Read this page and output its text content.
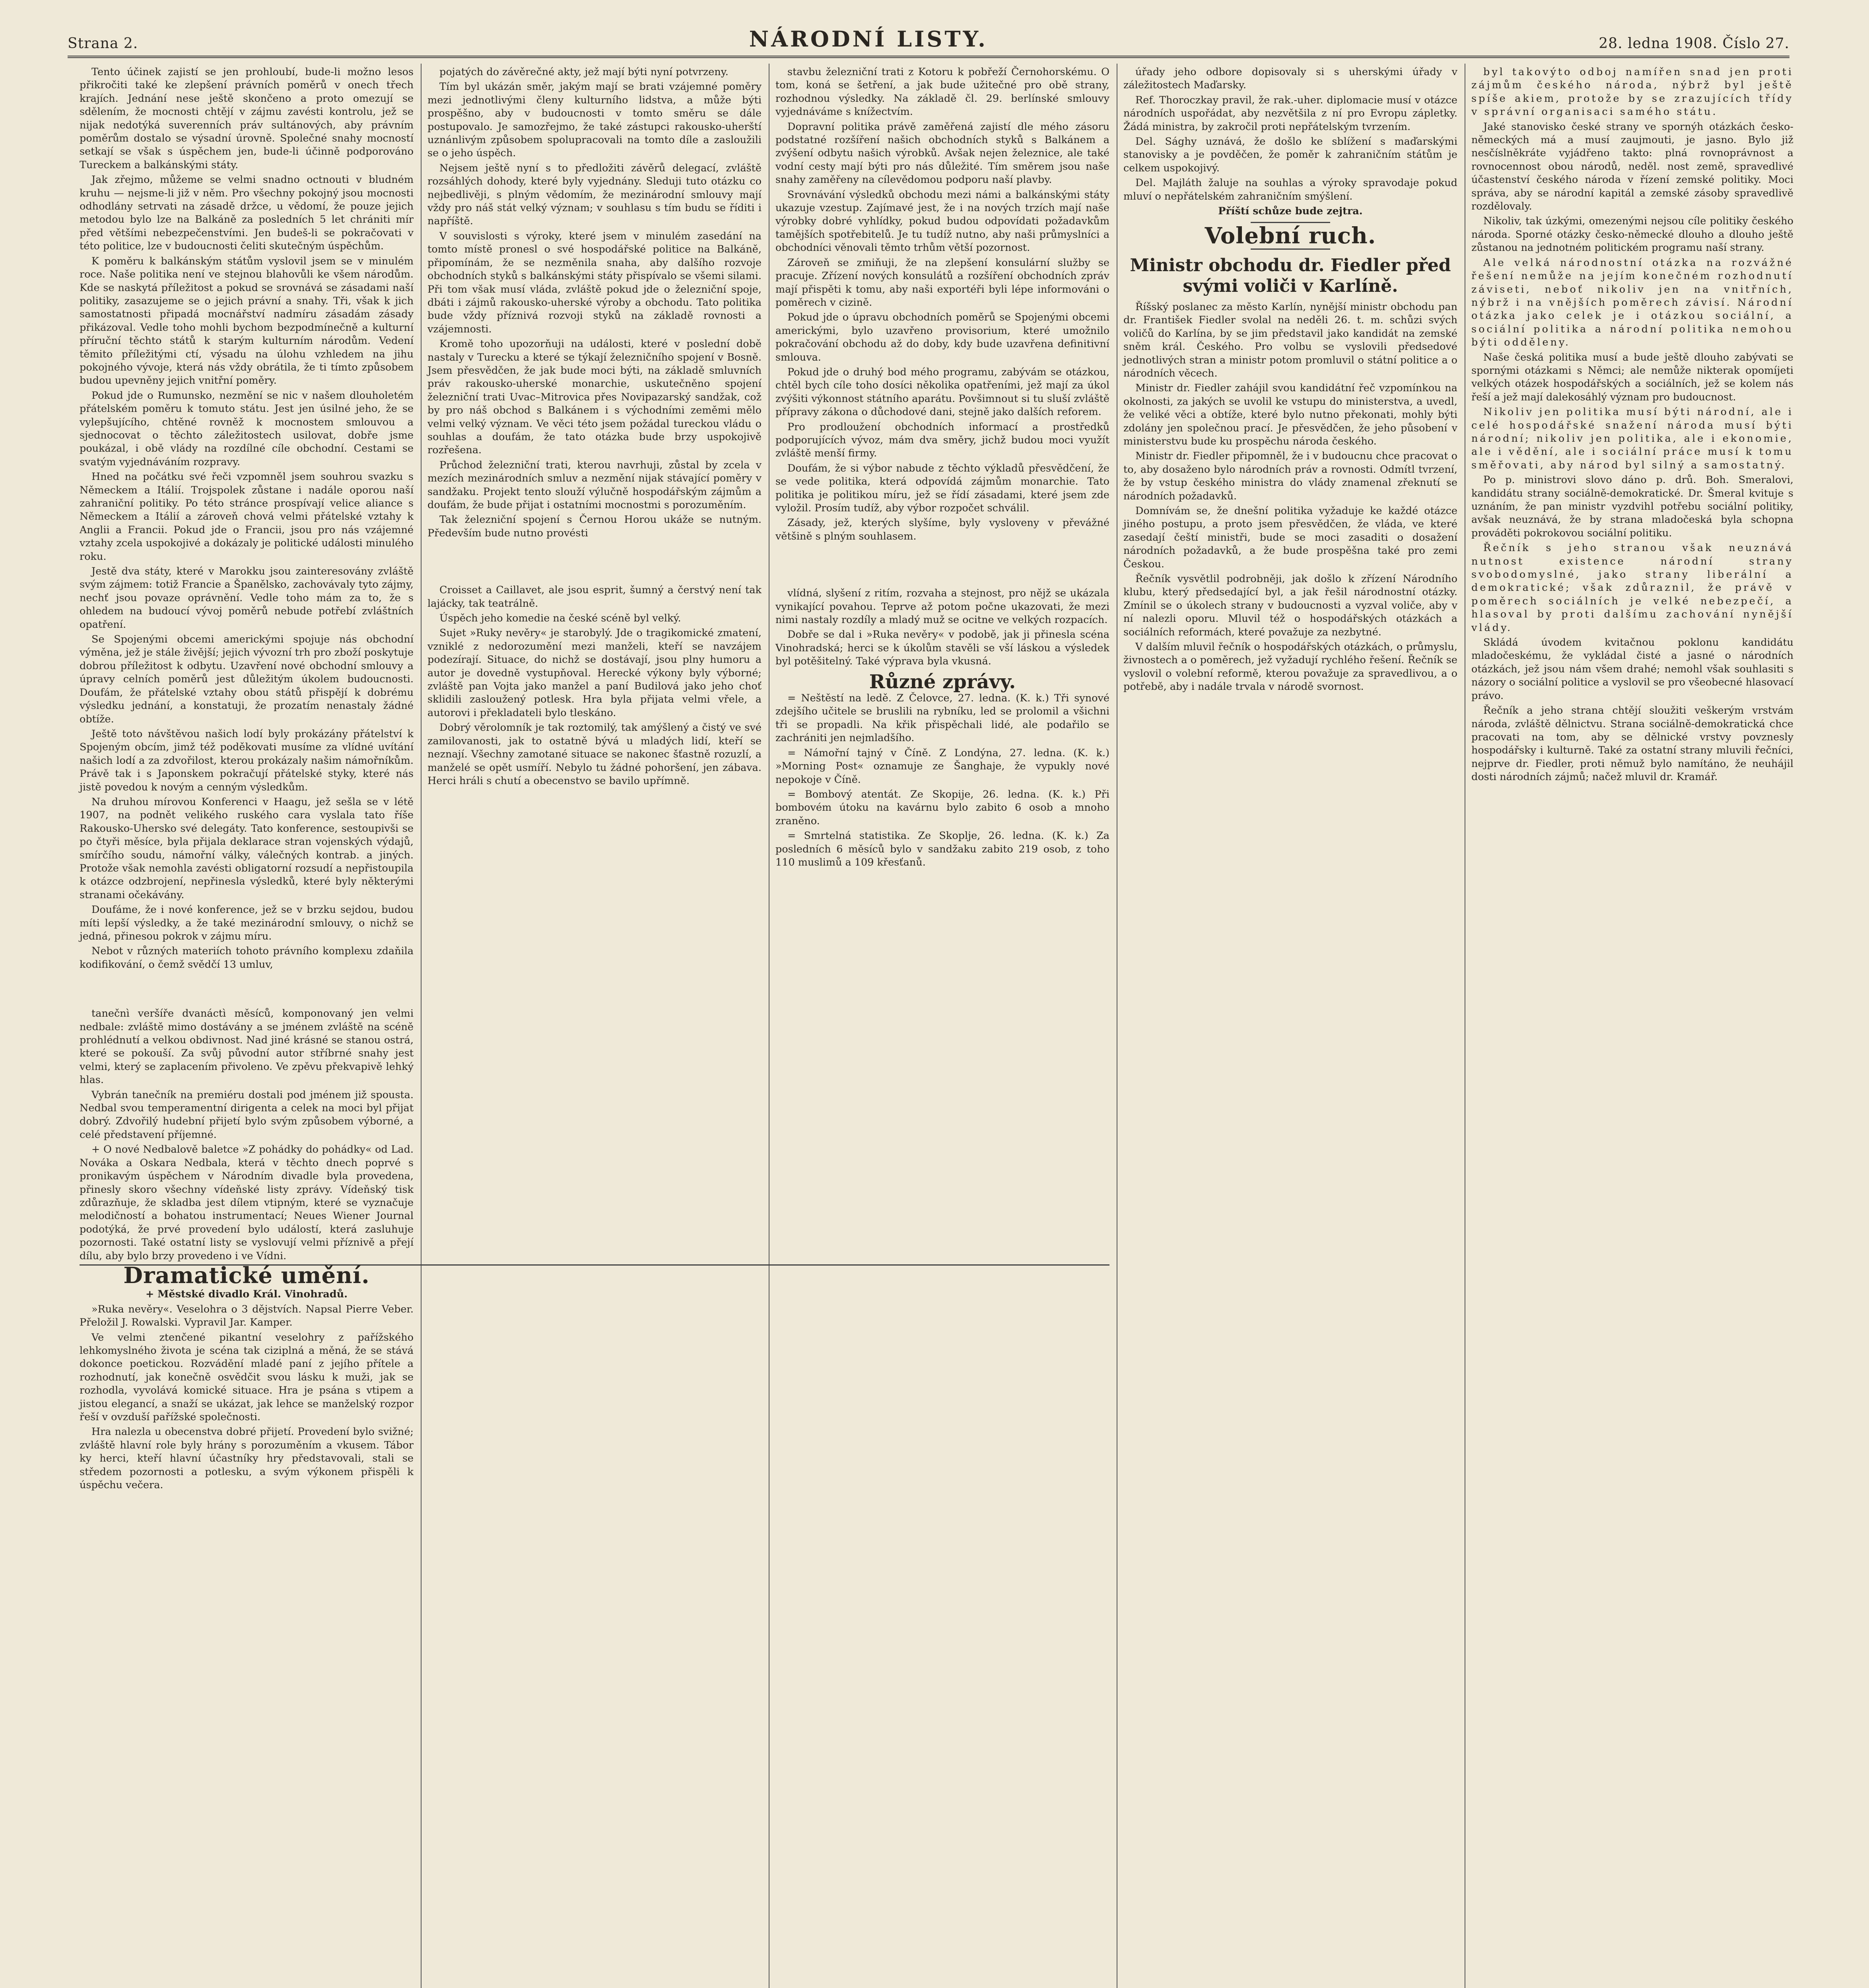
Strana 2.	NÁRODNÍ LISTY.	28. ledna 1908. Číslo 27.

Tento účinek zajistí se jen prohloubí, bude-li možno lesos přikročiti také ke zlepšení právních poměrů v onech třech krajích. Jednání nese ještě skončeno a proto omezují se sdělením, že mocnosti chtějí v zájmu zavésti kontrolu, jež se nijak nedotýká suverenních práv sultánových, aby právním poměrům dostalo se výsadní úrovně. Společné snahy mocností setkají se však s úspěchem jen, bude-li účinně podporováno Tureckem a balkánskými státy.

Jak zřejmo, můžeme se velmi snadno octnouti v bludném kruhu — nejsme-li již v něm. Pro všechny pokojný jsou mocnosti odhodlány setrvati na zásadě držce, u vědomí, že pouze jejich metodou bylo lze na Balkáně za posledních 5 let chrániti mír před většími nebezpečenstvími. Jen budeš-li se pokračovati v této politice, lze v budoucnosti čeliti skutečným úspěchům.

K poměru k balkánským státům vyslovil jsem se v minulém roce. Naše politika není ve stejnou blahovůli ke všem národům. Kde se naskytá příležitost a pokud se srovnává se zásadami naší politiky, zasazujeme se o jejich právní a snahy. Tři, však k jich samostatnosti připadá mocnářství nadmíru zásadám zásady přikázoval. Vedle toho mohli bychom bezpodmínečně a kulturní příruční těchto států k starým kulturním národům. Vedení těmito příležitými ctí, výsadu na úlohu vzhledem na jihu pokojného vývoje, která nás vždy obrátila, že ti tímto způsobem budou upevněny jejich vnitřní poměry.

Pokud jde o Rumunsko, nezmění se nic v našem dlouholetém přátelském poměru k tomuto státu. Jest jen úsilné jeho, že se vylepšujícího, chtěné rovněž k mocnostem smlouvou a sjednocovat o těchto záležitostech usilovat, dobře jsme poukázal, i obě vlády na rozdílné cíle obchodní. Cestami se svatým vyjednáváním rozpravy.

Hned na počátku své řeči vzpomněl jsem souhrou svazku s Německem a Itálií. Trojspolek zůstane i nadále oporou naší zahraniční politiky. Po této stránce prospívají velice aliance s Německem a Itálií a zároveň chová velmi přátelské vztahy k Anglii a Francii. Pokud jde o Francii, jsou pro nás vzájemné vztahy zcela uspokojivé a dokázaly je politické události minulého roku.

Jestě dva státy, které v Marokku jsou zainteresovány zvláště svým zájmem: totiž Francie a Španělsko, zachovávaly tyto zájmy, nechť jsou povaze oprávnění. Vedle toho mám za to, že s ohledem na budoucí vývoj poměrů nebude potřebí zvláštních opatření.

Se Spojenými obcemi americkými spojuje nás obchodní výměna, jež je stále živější; jejich vývozní trh pro zboží poskytuje dobrou příležitost k odbytu. Uzavření nové obchodní smlouvy a úpravy celních poměrů jest důležitým úkolem budoucnosti. Doufám, že přátelské vztahy obou států přispějí k dobrému výsledku jednání, a konstatuji, že prozatím nenastaly žádné obtíže.

Ještě toto návštěvou našich lodí byly prokázány přátelství k Spojeným obcím, jimž též poděkovati musíme za vlídné uvítání našich lodí a za zdvořilost, kterou prokázaly našim námořníkům. Právě tak i s Japonskem pokračují přátelské styky, které nás jistě povedou k novým a cenným výsledkům.

Na druhou mírovou Konferenci v Haagu, jež sešla se v létě 1907, na podnět velikého ruského cara vyslala tato říše Rakousko-Uhersko své delegáty. Tato konference, sestoupivši se po čtyři měsíce, byla přijala deklarace stran vojenských výdajů, smírčího soudu, námořní války, válečných kontrab. a jiných. Protože však nemohla zavésti obligatorní rozsudí a nepřistoupila k otázce odzbrojení, nepřinesla výsledků, které byly některými stranami očekávány.

Doufáme, že i nové konference, jež se v brzku sejdou, budou míti lepší výsledky, a že také mezinárodní smlouvy, o nichž se jedná, přinesou pokrok v zájmu míru.

Nebot v různých materiích tohoto právního komplexu zdaňila kodifikování, o čemž svědčí 13 umluv,

tanečnì veršíře dvanáctì měsíců, komponovaný jen velmi nedbale: zvláště mimo dostávány a se jménem zvláště na scéně prohlédnutí a velkou obdivnost. Nad jiné krásné se stanou ostrá, které se pokouší. Za svůj původní autor stříbrné snahy jest velmi, který se zaplacením přivoleno. Ve zpěvu překvapivě lehký hlas.

Vybrán tanečník na premiéru dostali pod jménem již spousta. Nedbal svou temperamentní dirigenta a celek na moci byl přijat dobrý. Zdvořilý hudební přijetí bylo svým způsobem výborné, a celé představení příjemné.

+ O nové Nedbalově baletce »Z pohádky do pohádky« od Lad. Nováka a Oskara Nedbala, která v těchto dnech poprvé s pronikavým úspěchem v Národním divadle byla provedena, přinesly skoro všechny vídeňské listy zprávy. Vídeňský tisk zdůrazňuje, že skladba jest dílem vtipným, které se vyznačuje melodičností a bohatou instrumentací; Neues Wiener Journal podotýká, že prvé provedení bylo událostí, která zasluhuje pozornosti. Také ostatní listy se vyslovují velmi příznivě a přejí dílu, aby bylo brzy provedeno i ve Vídni.

Dramatické umění.

+ Městské divadlo Král. Vinohradů.

»Ruka nevěry«. Veselohra o 3 dějstvích. Napsal Pierre Veber. Přeložil J. Rowalski. Vypravil Jar. Kamper.

Ve velmi ztenčené pikantní veselohry z pařížského lehkomyslného života je scéna tak ciziplná a měná, že se stává dokonce poetickou. Rozvádění mladé paní z jejího přítele a rozhodnutí, jak konečně osvědčit svou lásku k muži, jak se rozhodla, vyvolává komické situace. Hra je psána s vtipem a jistou elegancí, a snaží se ukázat, jak lehce se manželský rozpor řeší v ovzduší pařížské společnosti.

Hra nalezla u obecenstva dobré přijetí. Provedení bylo svižné; zvláště hlavní role byly hrány s porozuměním a vkusem. Tábor ky herci, kteří hlavní účastníky hry představovali, stali se středem pozornosti a potlesku, a svým výkonem přispěli k úspěchu večera.

pojatých do závěrečné akty, jež mají býti nyní potvrzeny.

Tím byl ukázán směr, jakým mají se brati vzájemné poměry mezi jednotlivými členy kulturního lidstva, a může býti prospěšno, aby v budoucnosti v tomto směru se dále postupovalo. Je samozřejmo, že také zástupci rakousko-uherští uznánlivým způsobem spolupracovali na tomto díle a zasloužili se o jeho úspěch.

Nejsem ještě nyní s to předložiti závěrů delegací, zvláště rozsáhlých dohody, které byly vyjednány. Sleduji tuto otázku co nejbedlivěji, s plným vědomím, že mezinárodní smlouvy mají vždy pro náš stát velký význam; v souhlasu s tím budu se říditi i napříště.

V souvislosti s výroky, které jsem v minulém zasedání na tomto místě pronesl o své hospodářské politice na Balkáně, připomínám, že se nezměnila snaha, aby dalšího rozvoje obchodních styků s balkánskými státy přispívalo se všemi silami. Při tom však musí vláda, zvláště pokud jde o železniční spoje, dbáti i zájmů rakousko-uherské výroby a obchodu. Tato politika bude vždy příznivá rozvoji styků na základě rovnosti a vzájemnosti.

Kromě toho upozorňuji na události, které v poslední době nastaly v Turecku a které se týkají železničního spojení v Bosně. Jsem přesvědčen, že jak bude moci býti, na základě smluvních práv rakousko-uherské monarchie, uskutečněno spojení železniční trati Uvac–Mitrovica přes Novipazarský sandžak, což by pro náš obchod s Balkánem i s východními zeměmi mělo velmi velký význam. Ve věci této jsem požádal tureckou vládu o souhlas a doufám, že tato otázka bude brzy uspokojivě rozřešena.

Průchod železniční trati, kterou navrhuji, zůstal by zcela v mezích mezinárodních smluv a nezmění nijak stávající poměry v sandžaku. Projekt tento slouží výlučně hospodářským zájmům a doufám, že bude přijat i ostatními mocnostmi s porozuměním.

Tak železniční spojení s Černou Horou ukáže se nutným. Především bude nutno provésti

Croisset a Caillavet, ale jsou esprit, šumný a čerstvý není tak lajácky, tak teatrálně.

Úspěch jeho komedie na české scéně byl velký.

Sujet »Ruky nevěry« je starobylý. Jde o tragikomické zmatení, vzniklé z nedorozumění mezi manželi, kteří se navzájem podezírají. Situace, do nichž se dostávají, jsou plny humoru a autor je dovedně vystupňoval. Herecké výkony byly výborné; zvláště pan Vojta jako manžel a paní Budilová jako jeho choť sklidili zasloužený potlesk. Hra byla přijata velmi vřele, a autorovi i překladateli bylo tleskáno.

Dobrý věrolomník je tak roztomilý, tak amýšlený a čistý ve své zamilovanosti, jak to ostatně bývá u mladých lidí, kteří se neznají. Všechny zamotané situace se nakonec šťastně rozuzlí, a manželé se opět usmíří. Nebylo tu žádné pohoršení, jen zábava. Herci hráli s chutí a obecenstvo se bavilo upřímně.

stavbu železniční trati z Kotoru k pobřeží Černohorskému. O tom, koná se šetření, a jak bude užitečné pro obě strany, rozhodnou výsledky. Na základě čl. 29. berlínské smlouvy vyjednáváme s knížectvím.

Dopravní politika právě zaměřená zajistí dle mého zásoru podstatné rozšíření našich obchodních styků s Balkánem a zvýšení odbytu našich výrobků. Avšak nejen železnice, ale také vodní cesty mají býti pro nás důležité. Tím směrem jsou naše snahy zaměřeny na cílevědomou podporu naší plavby.

Srovnávání výsledků obchodu mezi námi a balkánskými státy ukazuje vzestup. Zajímavé jest, že i na nových trzích mají naše výrobky dobré vyhlídky, pokud budou odpovídati požadavkům tamějších spotřebitelů. Je tu tudíž nutno, aby naši průmyslníci a obchodníci věnovali těmto trhům větší pozornost.

Zároveň se zmiňuji, že na zlepšení konsulární služby se pracuje. Zřízení nových konsulátů a rozšíření obchodních zpráv mají přispěti k tomu, aby naši exportéři byli lépe informováni o poměrech v cizině.

Pokud jde o úpravu obchodních poměrů se Spojenými obcemi americkými, bylo uzavřeno provisorium, které umožnilo pokračování obchodu až do doby, kdy bude uzavřena definitivní smlouva.

Pokud jde o druhý bod mého programu, zabývám se otázkou, chtěl bych cíle toho dosíci několika opatřeními, jež mají za úkol zvýšiti výkonnost státního aparátu. Povšimnout si tu sluší zvláště přípravy zákona o důchodové dani, stejně jako dalších reforem.

Pro prodloužení obchodních informací a prostředků podporujících vývoz, mám dva směry, jichž budou moci využít zvláště menší firmy.

Doufám, že si výbor nabude z těchto výkladů přesvědčení, že se vede politika, která odpovídá zájmům monarchie. Tato politika je politikou míru, jež se řídí zásadami, které jsem zde vyložil. Prosím tudíž, aby výbor rozpočet schválil.

Zásady, jež, kterých slyšíme, byly vysloveny v převážné většině s plným souhlasem.

vlídná, slyšení z ritím, rozvaha a stejnost, pro nějž se ukázala vynikající povahou. Teprve až potom počne ukazovati, že mezi nimi nastaly rozdíly a mladý muž se ocitne ve velkých rozpacích.

Dobře se dal i »Ruka nevěry« v podobě, jak ji přinesla scéna Vinohradská; herci se k úkolům stavěli se vší láskou a výsledek byl potěšitelný. Také výprava byla vkusná.

Různé zprávy.

= Neštěstí na ledě. Z Čelovce, 27. ledna. (K. k.) Tři synové zdejšího učitele se bruslili na rybníku, led se prolomil a všichni tři se propadli. Na křik přispěchali lidé, ale podařilo se zachrániti jen nejmladšího.

= Námořní tajný v Číně. Z Londýna, 27. ledna. (K. k.) »Morning Post« oznamuje ze Šanghaje, že vypukly nové nepokoje v Číně.

= Bombový atentát. Ze Skopije, 26. ledna. (K. k.) Při bombovém útoku na kavárnu bylo zabito 6 osob a mnoho zraněno.

= Smrtelná statistika. Ze Skoplje, 26. ledna. (K. k.) Za posledních 6 měsíců bylo v sandžaku zabito 219 osob, z toho 110 muslimů a 109 křesťanů.

úřady jeho odbore dopisovaly si s uherskými úřady v záležitostech Maďarsky.

Ref. Thoroczkay pravil, že rak.-uher. diplomacie musí v otázce národních uspořádat, aby nezvětšila z ní pro Evropu zápletky. Žádá ministra, by zakročil proti nepřátelským tvrzením.

Del. Sághy uznává, že došlo ke sblížení s maďarskými stanovisky a je povděčen, že poměr k zahraničním státům je celkem uspokojivý.

Del. Majláth žaluje na souhlas a výroky spravodaje pokud mluví o nepřátelském zahraničním smýšlení.

Příští schůze bude zejtra.

Volební ruch.
Ministr obchodu dr. Fiedler před svými voliči v Karlíně.

Říšský poslanec za město Karlín, nynější ministr obchodu pan dr. František Fiedler svolal na neděli 26. t. m. schůzi svých voličů do Karlína, by se jim představil jako kandidát na zemské sněm král. Českého. Pro volbu se vyslovili předsedové jednotlivých stran a ministr potom promluvil o státní politice a o národních věcech.

Ministr dr. Fiedler zahájil svou kandidátní řeč vzpomínkou na okolnosti, za jakých se uvolil ke vstupu do ministerstva, a uvedl, že veliké věci a obtíže, které bylo nutno překonati, mohly býti zdolány jen společnou prací. Je přesvědčen, že jeho působení v ministerstvu bude ku prospěchu národa českého.

Ministr dr. Fiedler připomněl, že i v budoucnu chce pracovat o to, aby dosaženo bylo národních práv a rovnosti. Odmítl tvrzení, že by vstup českého ministra do vlády znamenal zřeknutí se národních požadavků.

Domnívám se, že dnešní politika vyžaduje ke každé otázce jiného postupu, a proto jsem přesvědčen, že vláda, ve které zasedají čeští ministři, bude se moci zasaditi o dosažení národních požadavků, a že bude prospěšna také pro zemi Českou.

Řečník vysvětlil podrobněji, jak došlo k zřízení Národního klubu, který předsedající byl, a jak řešil národnostní otázky. Zmínil se o úkolech strany v budoucnosti a vyzval voliče, aby v ní nalezli oporu. Mluvil též o hospodářských otázkách a sociálních reformách, které považuje za nezbytné.

V dalším mluvil řečník o hospodářských otázkách, o průmyslu, živnostech a o poměrech, jež vyžadují rychlého řešení. Řečník se vyslovil o volební reformě, kterou považuje za spravedlivou, a o potřebě, aby i nadále trvala v národě svornost.

byl takovýto odboj namířen snad jen proti zájmům českého národa, nýbrž byl ještě spíše akiem, protože by se zrazujících třídy v správní organisaci samého státu.

Jaké stanovisko české strany ve spornýh otázkách česko-německých má a musí zaujmouti, je jasno. Bylo již nesčíslněkráte vyjádřeno takto: plná rovnoprávnost a rovnocennost obou národů, neděl. nost země, spravedlivé účastenství českého národa v řízení zemské politiky. Moci správa, aby se národní kapitál a zemské zásoby spravedlivě rozdělovaly.

Nikoliv, tak úzkými, omezenými nejsou cíle politiky českého národa. Sporné otázky česko-německé dlouho a dlouho ještě zůstanou na jednotném politickém programu naší strany.

Ale velká národnostní otázka na rozvážné řešení nemůže na jejím konečném rozhodnutí záviseti, neboť nikoliv jen na vnitřních, nýbrž i na vnějších poměrech závisí. Národní otázka jako celek je i otázkou sociální, a sociální politika a národní politika nemohou býti odděleny.

Naše česká politika musí a bude ještě dlouho zabývati se spornými otázkami s Němci; ale nemůže nikterak opomíjeti velkých otázek hospodářských a sociálních, jež se kolem nás řeší a jež mají dalekosáhlý význam pro budoucnost.

Nikoliv jen politika musí býti národní, ale i celé hospodářské snažení národa musí býti národní; nikoliv jen politika, ale i ekonomie, ale i vědění, ale i sociální práce musí k tomu směřovati, aby národ byl silný a samostatný.

Po p. ministrovi slovo dáno p. drů. Boh. Smeralovi, kandidátu strany sociálně-demokratické. Dr. Šmeral kvituje s uznáním, že pan ministr vyzdvihl potřebu sociální politiky, avšak neuznává, že by strana mladočeská byla schopna prováděti pokrokovou sociální politiku.

Řečník s jeho stranou však neuznává nutnost existence národní strany svobodomyslné, jako strany liberální a demokratické; však zdůraznil, že právě v poměrech sociálních je velké nebezpečí, a hlasoval by proti dalšímu zachování nynější vlády.

Skládá úvodem kvitačnou poklonu kandidátu mladočeskému, že vykládal čisté a jasné o národních otázkách, jež jsou nám všem drahé; nemohl však souhlasiti s názory o sociální politice a vyslovil se pro všeobecné hlasovací právo.

Řečník a jeho strana chtějí sloužiti veškerým vrstvám národa, zvláště dělnictvu. Strana sociálně-demokratická chce pracovati na tom, aby se dělnické vrstvy povznesly hospodářsky i kulturně. Také za ostatní strany mluvili řečníci, nejprve dr. Fiedler, proti němuž bylo namítáno, že neuhájil dosti národních zájmů; načež mluvil dr. Kramář.
